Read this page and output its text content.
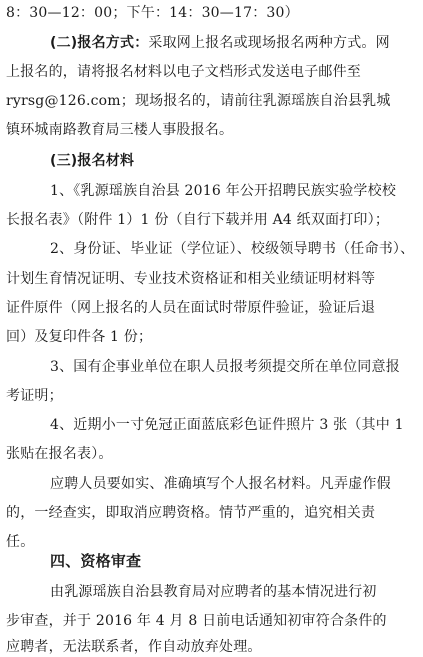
8：30—12：00；下午：14：30—17：30）
(二)报名方式：采取网上报名或现场报名两种方式。网
上报名的，请将报名材料以电子文档形式发送电子邮件至
ryrsg@126.com；现场报名的，请前往乳源瑶族自治县乳城
镇环城南路教育局三楼人事股报名。
(三)报名材料
1、《乳源瑶族自治县 2016 年公开招聘民族实验学校校
长报名表》（附件 1）1 份（自行下载并用 A4 纸双面打印）；
2、身份证、毕业证（学位证）、校级领导聘书（任命书）、
计划生育情况证明、专业技术资格证和相关业绩证明材料等
证件原件（网上报名的人员在面试时带原件验证，验证后退
回）及复印件各 1 份；
3、国有企事业单位在职人员报考须提交所在单位同意报
考证明；
4、近期小一寸免冠正面蓝底彩色证件照片 3 张（其中 1
张贴在报名表）。
应聘人员要如实、准确填写个人报名材料。凡弄虚作假
的，一经查实，即取消应聘资格。情节严重的，追究相关责
任。
四、资格审查
由乳源瑶族自治县教育局对应聘者的基本情况进行初
步审查，并于 2016 年 4 月 8 日前电话通知初审符合条件的
应聘者，无法联系者，作自动放弃处理。
